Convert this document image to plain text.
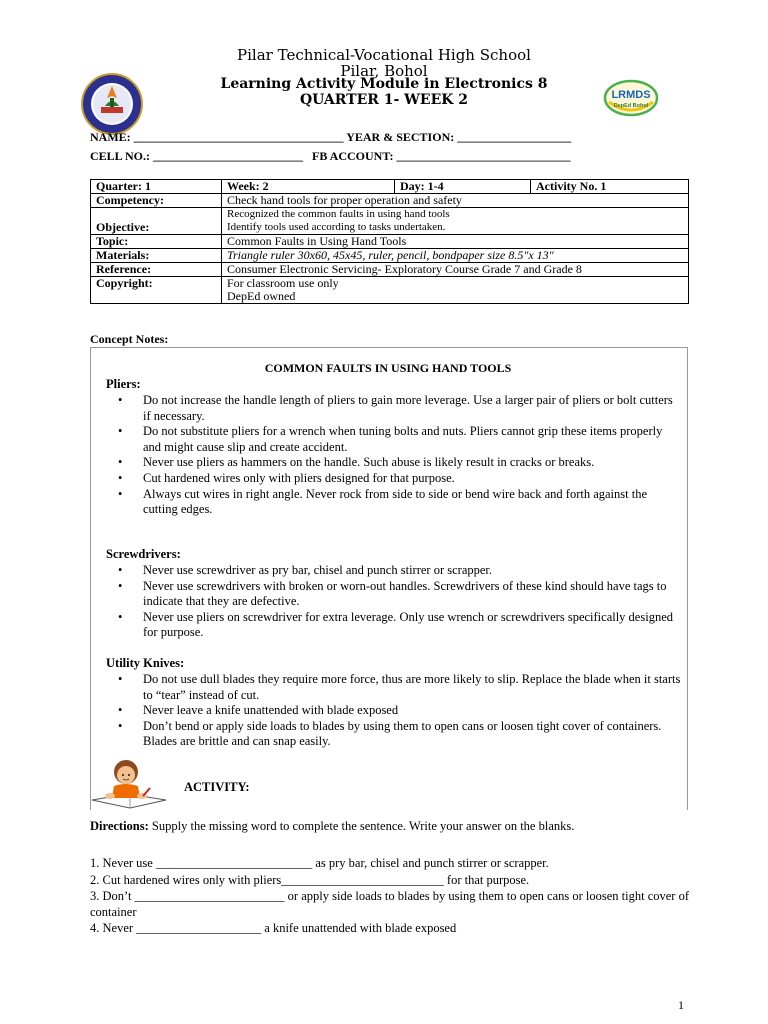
Pilar Technical-Vocational High School
Pilar, Bohol
Learning Activity Module in Electronics 8
QUARTER 1- WEEK 2	LRMDS
DepEd Bohol
NAME: ___________________________________ YEAR & SECTION: ___________________
CELL NO.: _________________________   FB ACCOUNT: _____________________________
Quarter: 1	Week: 2 Day: 1-4 Activity No. 1

Competency:	Check hand tools for proper operation and safety
Objective:	Recognized the common faults in using hand tools
Identify tools used according to tasks undertaken.

Topic:	Common Faults in Using Hand Tools
Materials:	Triangle ruler 30x60, 45x45, ruler, pencil, bondpaper size 8.5"x 13"
Reference:	Consumer Electronic Servicing- Exploratory Course Grade 7 and Grade 8
Copyright:	For classroom use only
DepEd owned
Concept Notes:
COMMON FAULTS IN USING HAND TOOLS
Pliers:
• Do not increase the handle length of pliers to gain more leverage. Use a larger pair of pliers or bolt cutters if necessary.
• Do not substitute pliers for a wrench when tuning bolts and nuts. Pliers cannot grip these items properly and might cause slip and create accident.
• Never use pliers as hammers on the handle. Such abuse is likely result in cracks or breaks.
• Cut hardened wires only with pliers designed for that purpose.
• Always cut wires in right angle. Never rock from side to side or bend wire back and forth against the cutting edges.
Screwdrivers:
• Never use screwdriver as pry bar, chisel and punch stirrer or scrapper.
• Never use screwdrivers with broken or worn-out handles. Screwdrivers of these kind should have tags to indicate that they are defective.
• Never use pliers on screwdriver for extra leverage. Only use wrench or screwdrivers specifically designed for purpose.
Utility Knives:
• Do not use dull blades they require more force, thus are more likely to slip. Replace the blade when it starts to “tear” instead of cut.
• Never leave a knife unattended with blade exposed
• Don’t bend or apply side loads to blades by using them to open cans or loosen tight cover of containers. Blades are brittle and can snap easily.
ACTIVITY:
Directions: Supply the missing word to complete the sentence. Write your answer on the blanks.
1. Never use _________________________ as pry bar, chisel and punch stirrer or scrapper.
2. Cut hardened wires only with pliers__________________________ for that purpose.
3. Don’t ________________________ or apply side loads to blades by using them to open cans or loosen tight cover of container
4. Never ____________________ a knife unattended with blade exposed
1
